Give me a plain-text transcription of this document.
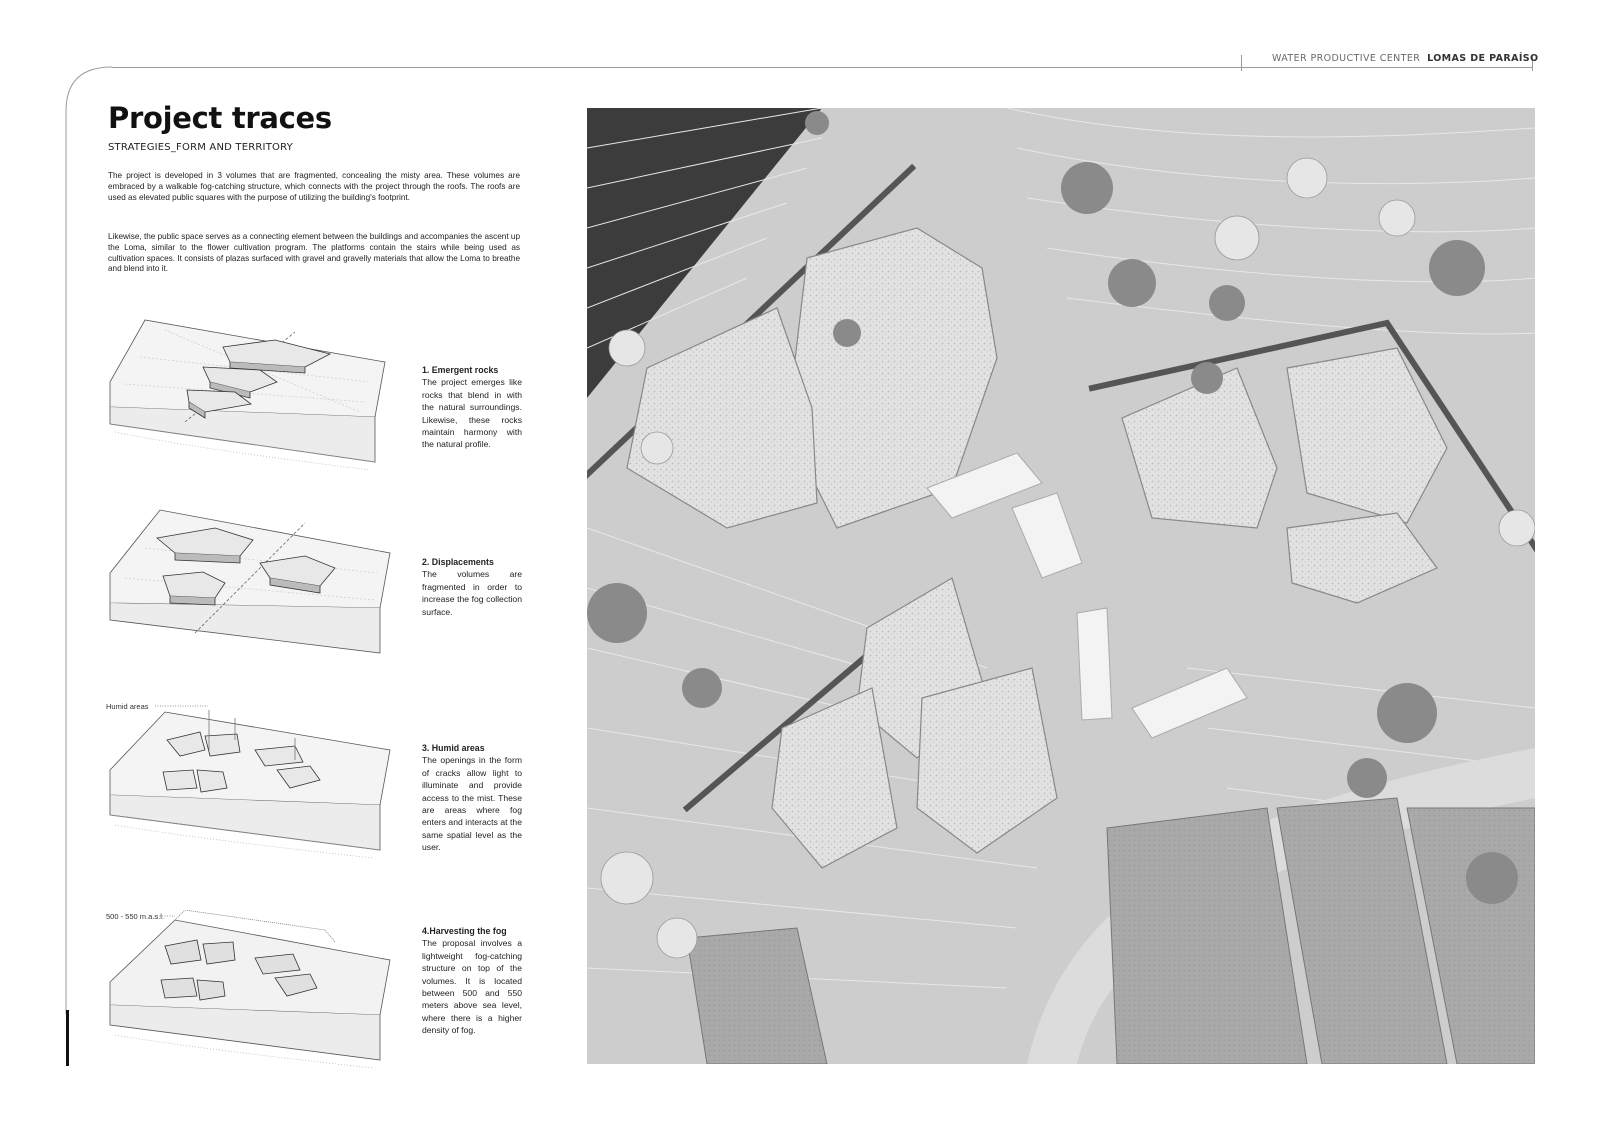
WATER PRODUCTIVE CENTER LOMAS DE PARAÍSO
Project traces
STRATEGIES_FORM AND TERRITORY

The project is developed in 3 volumes that are fragmented, concealing the misty area. These volumes are embraced by a walkable fog-catching structure, which connects with the project through the roofs. The roofs are used as elevated public squares with the purpose of utilizing the building's footprint.

Likewise, the public space serves as a connecting element between the buildings and accompanies the ascent up the Loma, similar to the flower cultivation program. The platforms contain the stairs while being used as cultivation spaces. It consists of plazas surfaced with gravel and gravelly materials that allow the Loma to breathe and blend into it.

1. Emergent rocks
The project emerges like rocks that blend in with the natural surroundings. Likewise, these rocks maintain harmony with the natural profile.
2. Displacements
The volumes are fragmented in order to increase the fog collection surface.
3. Humid areas
The openings in the form of cracks allow light to illuminate and provide access to the mist. These are areas where fog enters and interacts at the same spatial level as the user.
4.Harvesting the fog
The proposal involves a lightweight fog-catching structure on top of the volumes. It is located between 500 and 550 meters above sea level, where there is a higher density of fog.
Humid areas
500 - 550 m.a.s.l.
